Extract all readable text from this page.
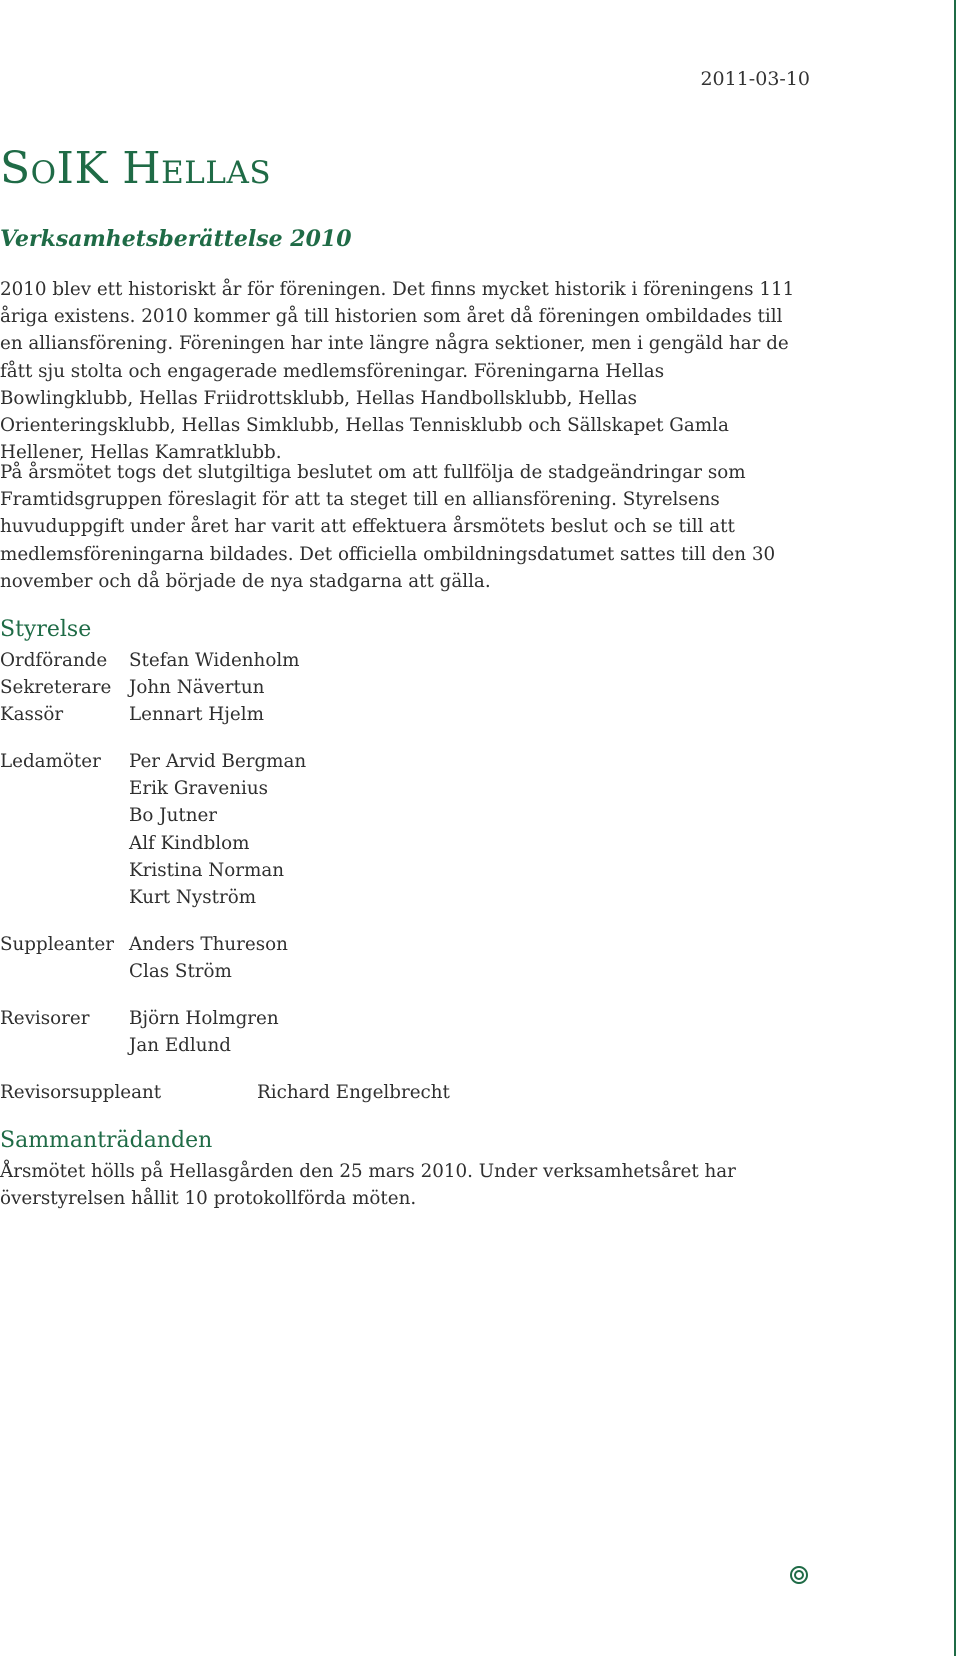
2011-03-10
SoIK Hellas
Verksamhetsberättelse 2010

2010 blev ett historiskt år för föreningen. Det finns mycket historik i föreningens 111 åriga existens. 2010 kommer gå till historien som året då föreningen ombildades till en alliansförening. Föreningen har inte längre några sektioner, men i gengäld har de fått sju stolta och engagerade medlemsföreningar. Föreningarna Hellas Bowlingklubb, Hellas Friidrottsklubb, Hellas Handbollsklubb, Hellas Orienteringsklubb, Hellas Simklubb, Hellas Tennisklubb och Sällskapet Gamla Hellener, Hellas Kamratklubb.

På årsmötet togs det slutgiltiga beslutet om att fullfölja de stadgeändringar som Framtidsgruppen föreslagit för att ta steget till en alliansförening. Styrelsens huvuduppgift under året har varit att effektuera årsmötets beslut och se till att medlemsföreningarna bildades. Det officiella ombildningsdatumet sattes till den 30 november och då började de nya stadgarna att gälla.

Styrelse
Ordförande Stefan Widenholm
Sekreterare John Nävertun
Kassör	Lennart Hjelm
Ledamöter Per Arvid Bergman
Erik Gravenius
Bo Jutner
Alf Kindblom
Kristina Norman
Kurt Nyström
Suppleanter Anders Thureson
Clas Ström
Revisorer Björn Holmgren
Jan Edlund
Revisorsuppleant	Richard Engelbrecht
Sammanträdanden

Årsmötet hölls på Hellasgården den 25 mars 2010. Under verksamhetsåret har överstyrelsen hållit 10 protokollförda möten.
